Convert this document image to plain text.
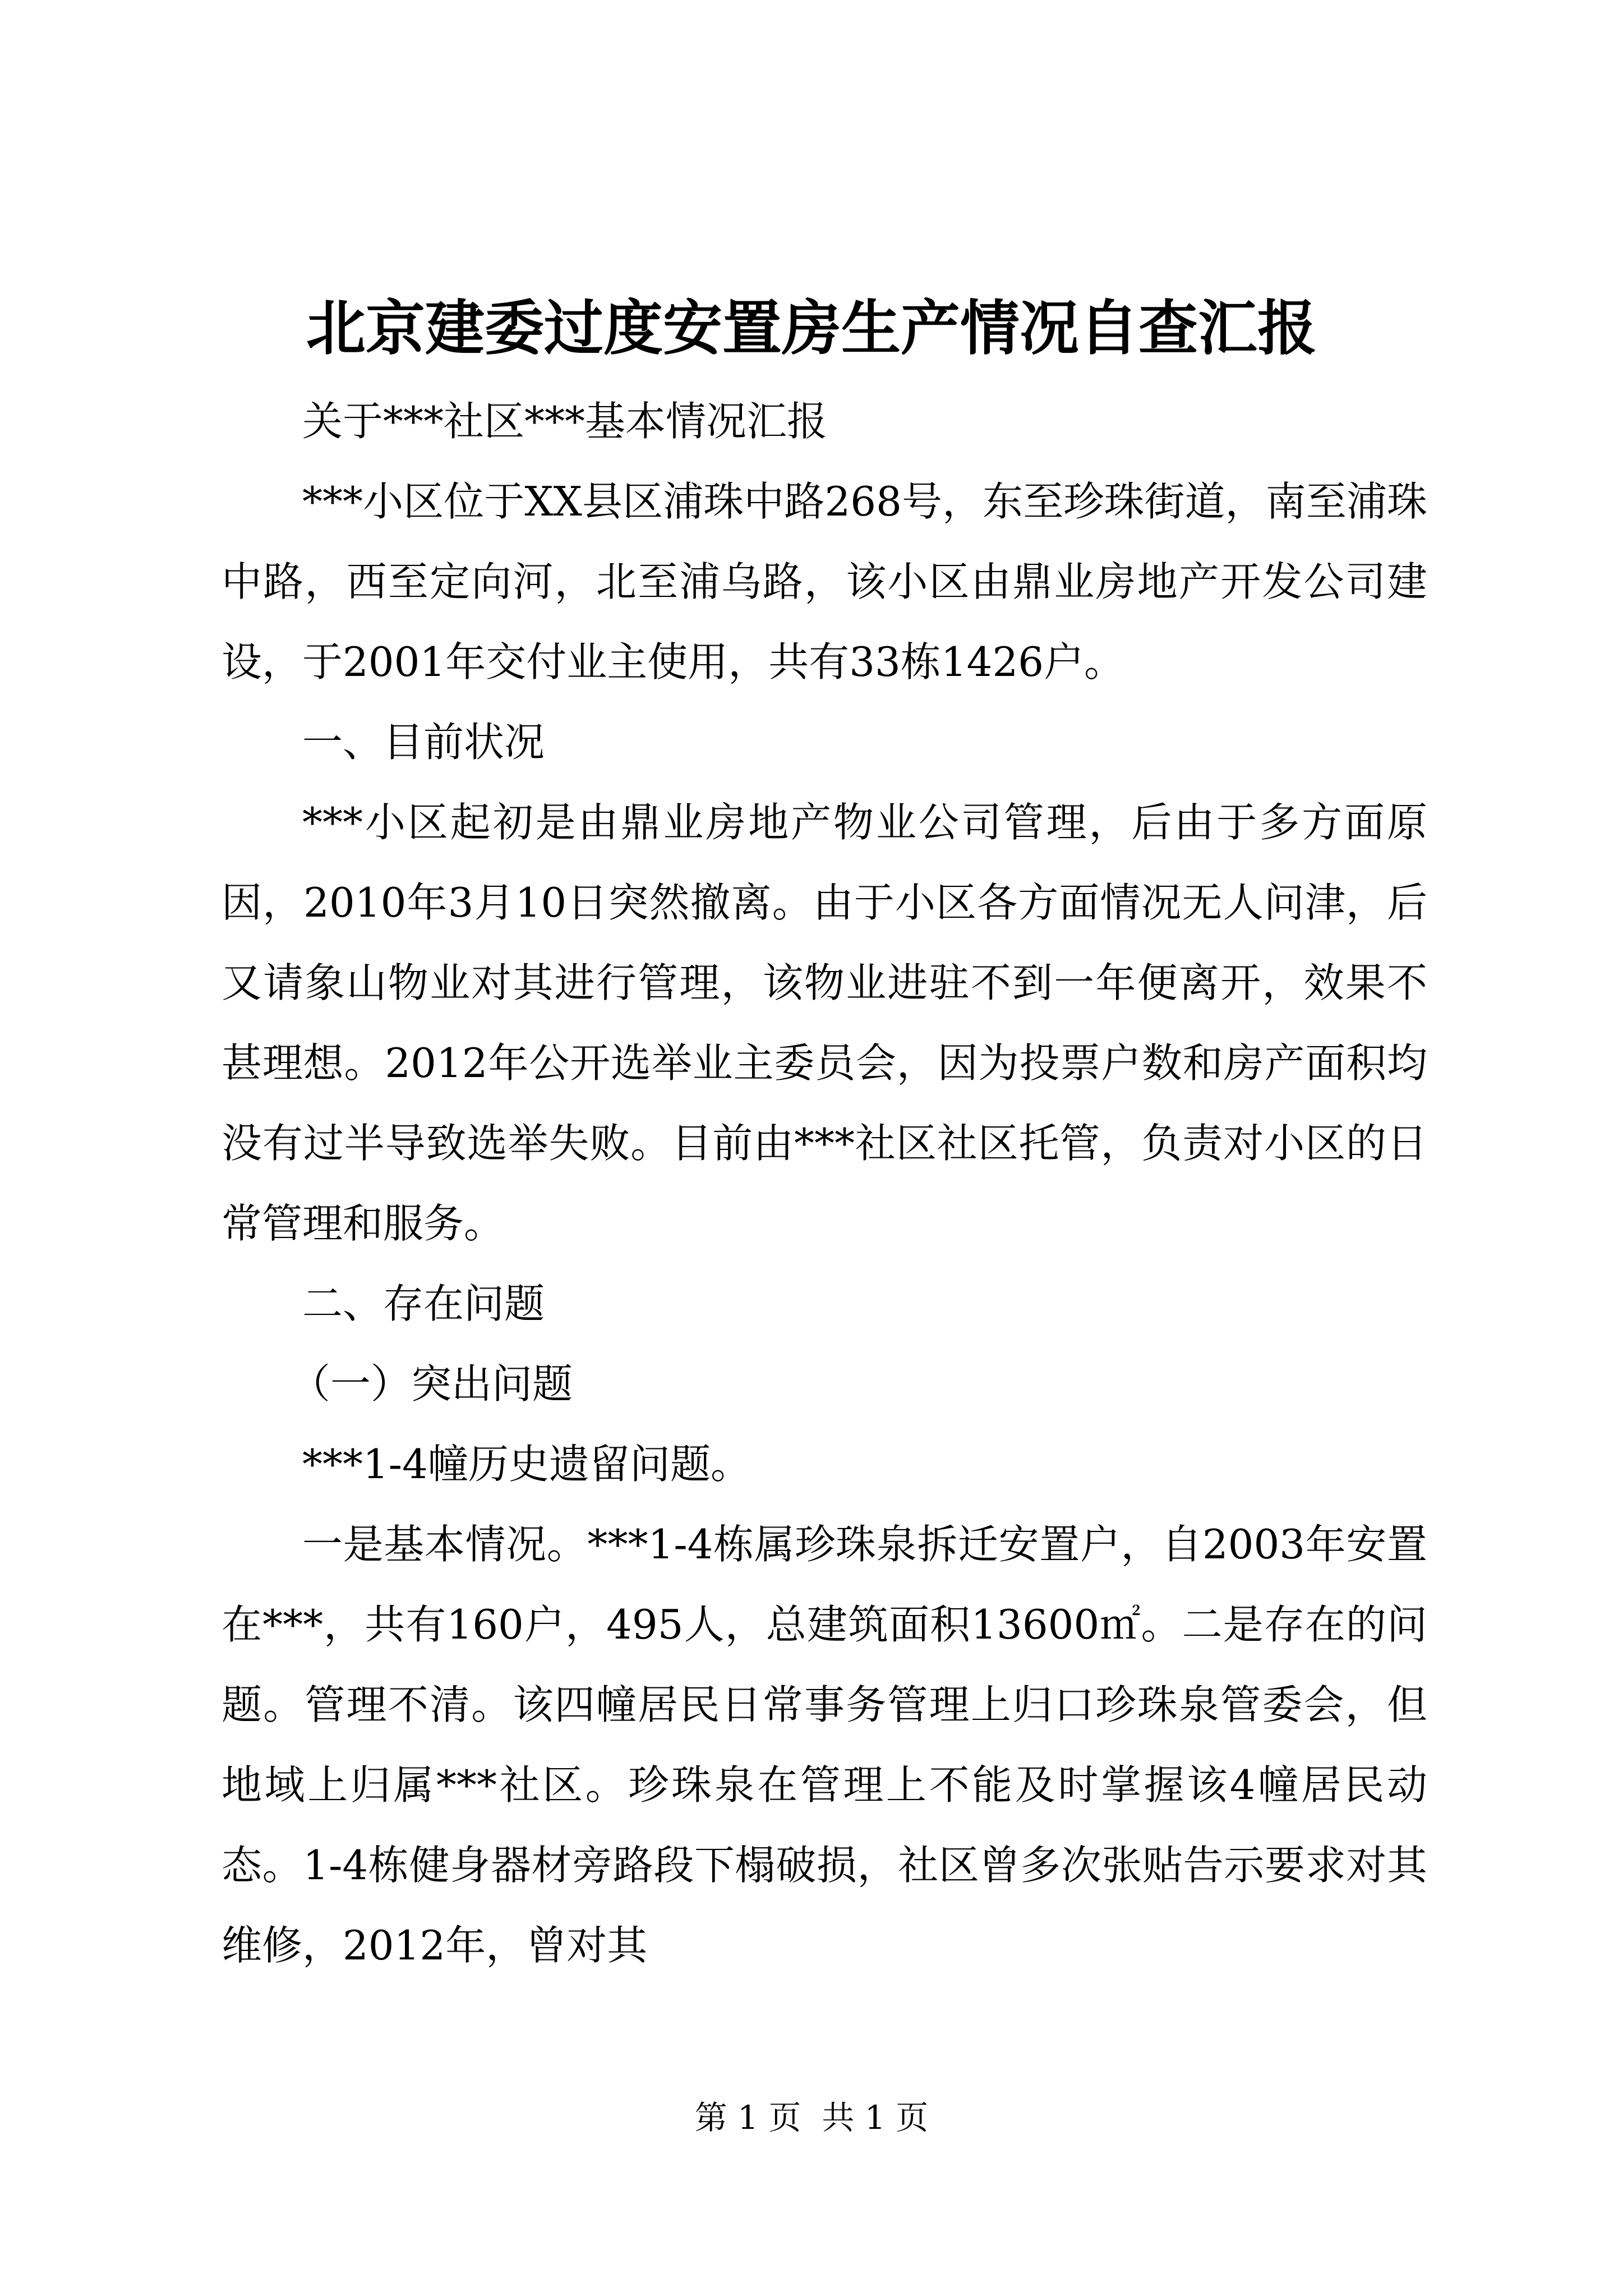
北京建委过度安置房生产情况自查汇报

关于***社区***基本情况汇报

***小区位于XX县区浦珠中路268号，东至珍珠街道，南至浦珠中路，西至定向河，北至浦乌路，该小区由鼎业房地产开发公司建设，于2001年交付业主使用，共有33栋1426户。

一、目前状况

***小区起初是由鼎业房地产物业公司管理，后由于多方面原因，2010年3月10日突然撤离。由于小区各方面情况无人问津，后又请象山物业对其进行管理，该物业进驻不到一年便离开，效果不甚理想。2012年公开选举业主委员会，因为投票户数和房产面积均没有过半导致选举失败。目前由***社区社区托管，负责对小区的日常管理和服务。

二、存在问题

（一）突出问题

***1-4幢历史遗留问题。

一是基本情况。***1-4栋属珍珠泉拆迁安置户，自2003年安置在***，共有160户，495人，总建筑面积13600㎡。二是存在的问题。管理不清。该四幢居民日常事务管理上归口珍珠泉管委会，但地域上归属***社区。珍珠泉在管理上不能及时掌握该4幢居民动态。1-4栋健身器材旁路段下榻破损，社区曾多次张贴告示要求对其维修，2012年，曾对其

第 1 页  共 1 页
